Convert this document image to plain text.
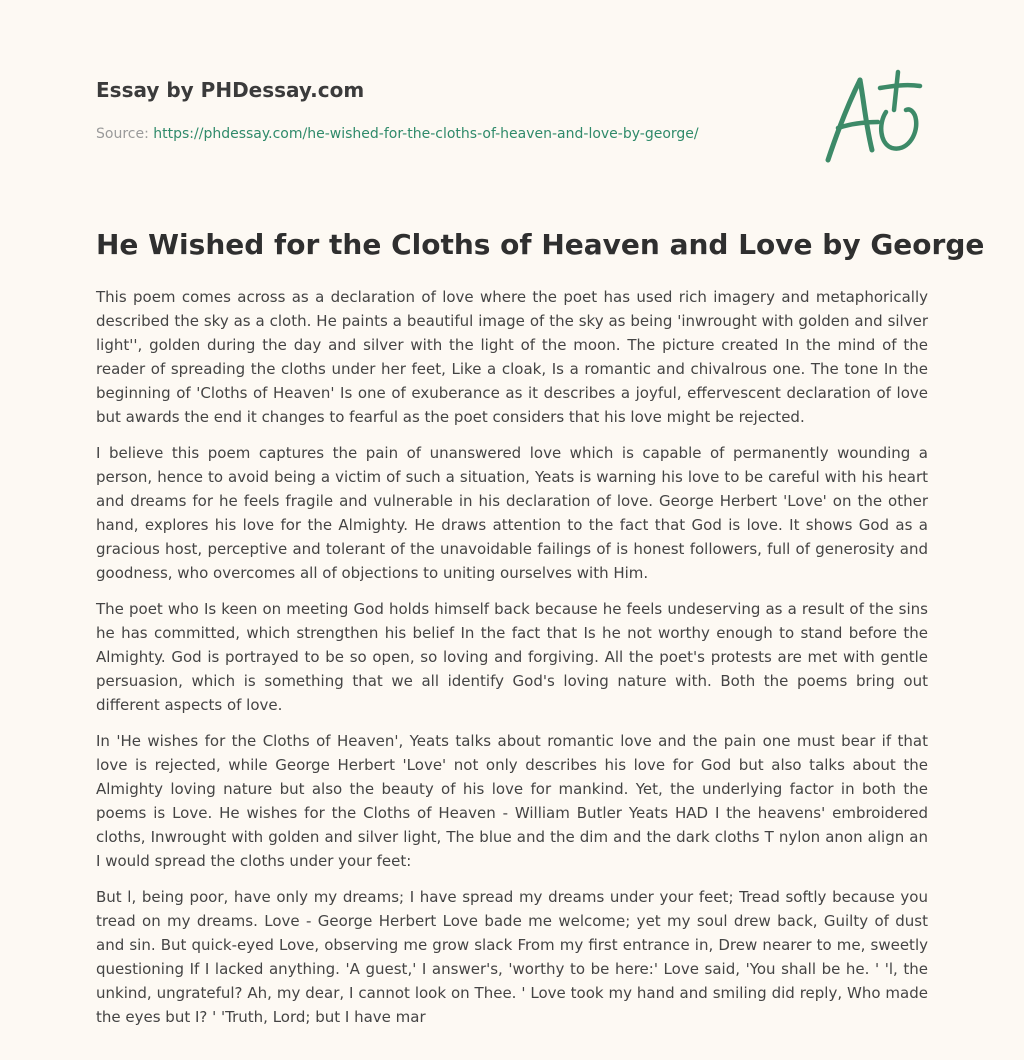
Essay by PHDessay.com
Source: https://phdessay.com/he-wished-for-the-cloths-of-heaven-and-love-by-george/
He Wished for the Cloths of Heaven and Love by George

This poem comes across as a declaration of love where the poet has used rich imagery and metaphorically described the sky as a cloth. He paints a beautiful image of the sky as being 'inwrought with golden and silver light'', golden during the day and silver with the light of the moon. The picture created In the mind of the reader of spreading the cloths under her feet, Like a cloak, Is a romantic and chivalrous one. The tone In the beginning of 'Cloths of Heaven' Is one of exuberance as it describes a joyful, effervescent declaration of love but awards the end it changes to fearful as the poet considers that his love might be rejected.

I believe this poem captures the pain of unanswered love which is capable of permanently wounding a person, hence to avoid being a victim of such a situation, Yeats is warning his love to be careful with his heart and dreams for he feels fragile and vulnerable in his declaration of love. George Herbert 'Love' on the other hand, explores his love for the Almighty. He draws attention to the fact that God is love. It shows God as a gracious host, perceptive and tolerant of the unavoidable failings of is honest followers, full of generosity and goodness, who overcomes all of objections to uniting ourselves with Him.

The poet who Is keen on meeting God holds himself back because he feels undeserving as a result of the sins he has committed, which strengthen his belief In the fact that Is he not worthy enough to stand before the Almighty. God is portrayed to be so open, so loving and forgiving. All the poet's protests are met with gentle persuasion, which is something that we all identify God's loving nature with. Both the poems bring out different aspects of love.

In 'He wishes for the Cloths of Heaven', Yeats talks about romantic love and the pain one must bear if that love is rejected, while George Herbert 'Love' not only describes his love for God but also talks about the Almighty loving nature but also the beauty of his love for mankind. Yet, the underlying factor in both the poems is Love. He wishes for the Cloths of Heaven - William Butler Yeats HAD I the heavens' embroidered cloths, Inwrought with golden and silver light, The blue and the dim and the dark cloths T nylon anon align an I would spread the cloths under your feet:

But l, being poor, have only my dreams; I have spread my dreams under your feet; Tread softly because you tread on my dreams. Love - George Herbert Love bade me welcome; yet my soul drew back, Guilty of dust and sin. But quick-eyed Love, observing me grow slack From my first entrance in, Drew nearer to me, sweetly questioning If I lacked anything. 'A guest,' I answer's, 'worthy to be here:' Love said, 'You shall be he. ' 'l, the unkind, ungrateful? Ah, my dear, I cannot look on Thee. ' Love took my hand and smiling did reply, Who made the eyes but I? ' 'Truth, Lord; but I have mar
